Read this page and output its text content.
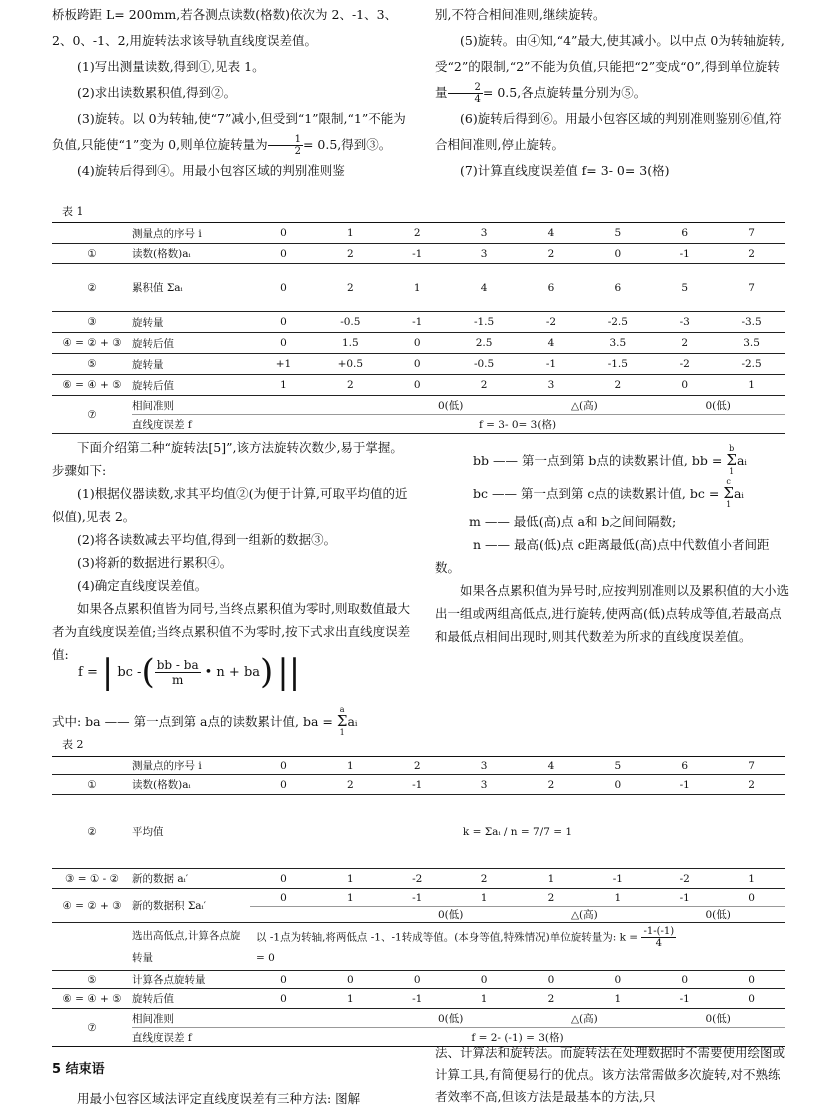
桥板跨距 L= 200mm,若各测点读数(格数)依次为 2、-1、3、2、0、-1、2,用旋转法求该导轨直线度误差值。

(1)写出测量读数,得到①,见表 1。

(2)求出读数累积值,得到②。

(3)旋转。以 0为转轴,使“7”减小,但受到“1”限制,“1”不能为负值,只能使“1”变为 0,则单位旋转量为 $\frac{1}{2} = 0.5$,得到③。

(4)旋转后得到④。用最小包容区域的判别准则鉴

别,不符合相间准则,继续旋转。

(5)旋转。由④知,“4”最大,使其减小。以中点 0为转轴旋转,受“2”的限制,“2”不能为负值,只能把“2”变成“0”,得到单位旋转量 $\frac{2}{4} = 0.5$,各点旋转量分别为⑤。

(6)旋转后得到⑥。用最小包容区域的判别准则鉴别⑥值,符合相间准则,停止旋转。

(7)计算直线度误差值 f= 3- 0= 3(格)

表 1
	测量点的序号 i	0	1	2	3	4	5	6	7
①	读数(格数)aᵢ	0	2	-1	3	2	0	-1	2
②	累积值 Σaᵢ	0	2	1	4	6	6	5	7
③	旋转量	0	-0.5	-1	-1.5	-2	-2.5	-3	-3.5
④ = ② + ③	旋转后值	0	1.5	0	2.5	4	3.5	2	3.5
⑤	旋转量	+1	+0.5	0	-0.5	-1	-1.5	-2	-2.5
⑥ = ④ + ⑤	旋转后值	1	2	0	2	3	2	0	1
⑦	相间准则			0(低)		△(高)		0(低)	
	直线度误差 f	f = 3- 0= 3(格)							

下面介绍第二种“旋转法[5]”,该方法旋转次数少,易于掌握。步骤如下:

(1)根据仪器读数,求其平均值②(为便于计算,可取平均值的近似值),见表 2。

(2)将各读数减去平均值,得到一组新的数据③。

(3)将新的数据进行累积④。

(4)确定直线度误差值。

如果各点累积值皆为同号,当终点累积值为零时,则取数值最大者为直线度误差值;当终点累积值不为零时,按下式求出直线度误差值:

f = | bc - ( $\frac{bb - ba}{m}$ • n + ba ) ||
式中: ba —— 第一点到第 a点的读数累计值, ba =
a
Σ
1
aᵢ

bb —— 第一点到第 b点的读数累计值, bb =
b
Σ
1
aᵢ

bc —— 第一点到第 c点的读数累计值, bc =
c
Σ
1
aᵢ

m —— 最低(高)点 a和 b之间间隔数;

n —— 最高(低)点 c距离最低(高)点中代数值小者间距数。

如果各点累积值为异号时,应按判别准则以及累积值的大小选出一组或两组高低点,进行旋转,使两高(低)点转成等值,若最高点和最低点相间出现时,则其代数差为所求的直线度误差值。

表 2
	测量点的序号 i	0	1	2	3	4	5	6	7
①	读数(格数)aᵢ	0	2	-1	3	2	0	-1	2
②	平均值	k = Σaᵢ / n = 7/7 = 1							
③ = ① - ②	新的数据 aᵢ′	0	1	-2	2	1	-1	-2	1
④ = ② + ③	新的数据积 Σaᵢ′	0	1	-1	1	2	1	-1	0
				0(低)		△(高)		0(低)	
	选出高低点,计算各点旋转量	以 -1点为转轴,将两低点 -1、-1转成等值。(本身等值,特殊情况)单位旋转量为: $k = \frac{-1-(-1)}{4}$

= 0							
⑤	计算各点旋转量	0	0	0	0	0	0	0	0
⑥ = ④ + ⑤	旋转后值	0	1	-1	1	2	1	-1	0
⑦	相间准则			0(低)		△(高)		0(低)	
	直线度误差 f	f = 2- (-1) = 3(格)							
5 结束语

用最小包容区域法评定直线度误差有三种方法: 图解

法、计算法和旋转法。而旋转法在处理数据时不需要使用绘图或计算工具,有简便易行的优点。该方法常需做多次旋转,对不熟练者效率不高,但该方法是最基本的方法,只
